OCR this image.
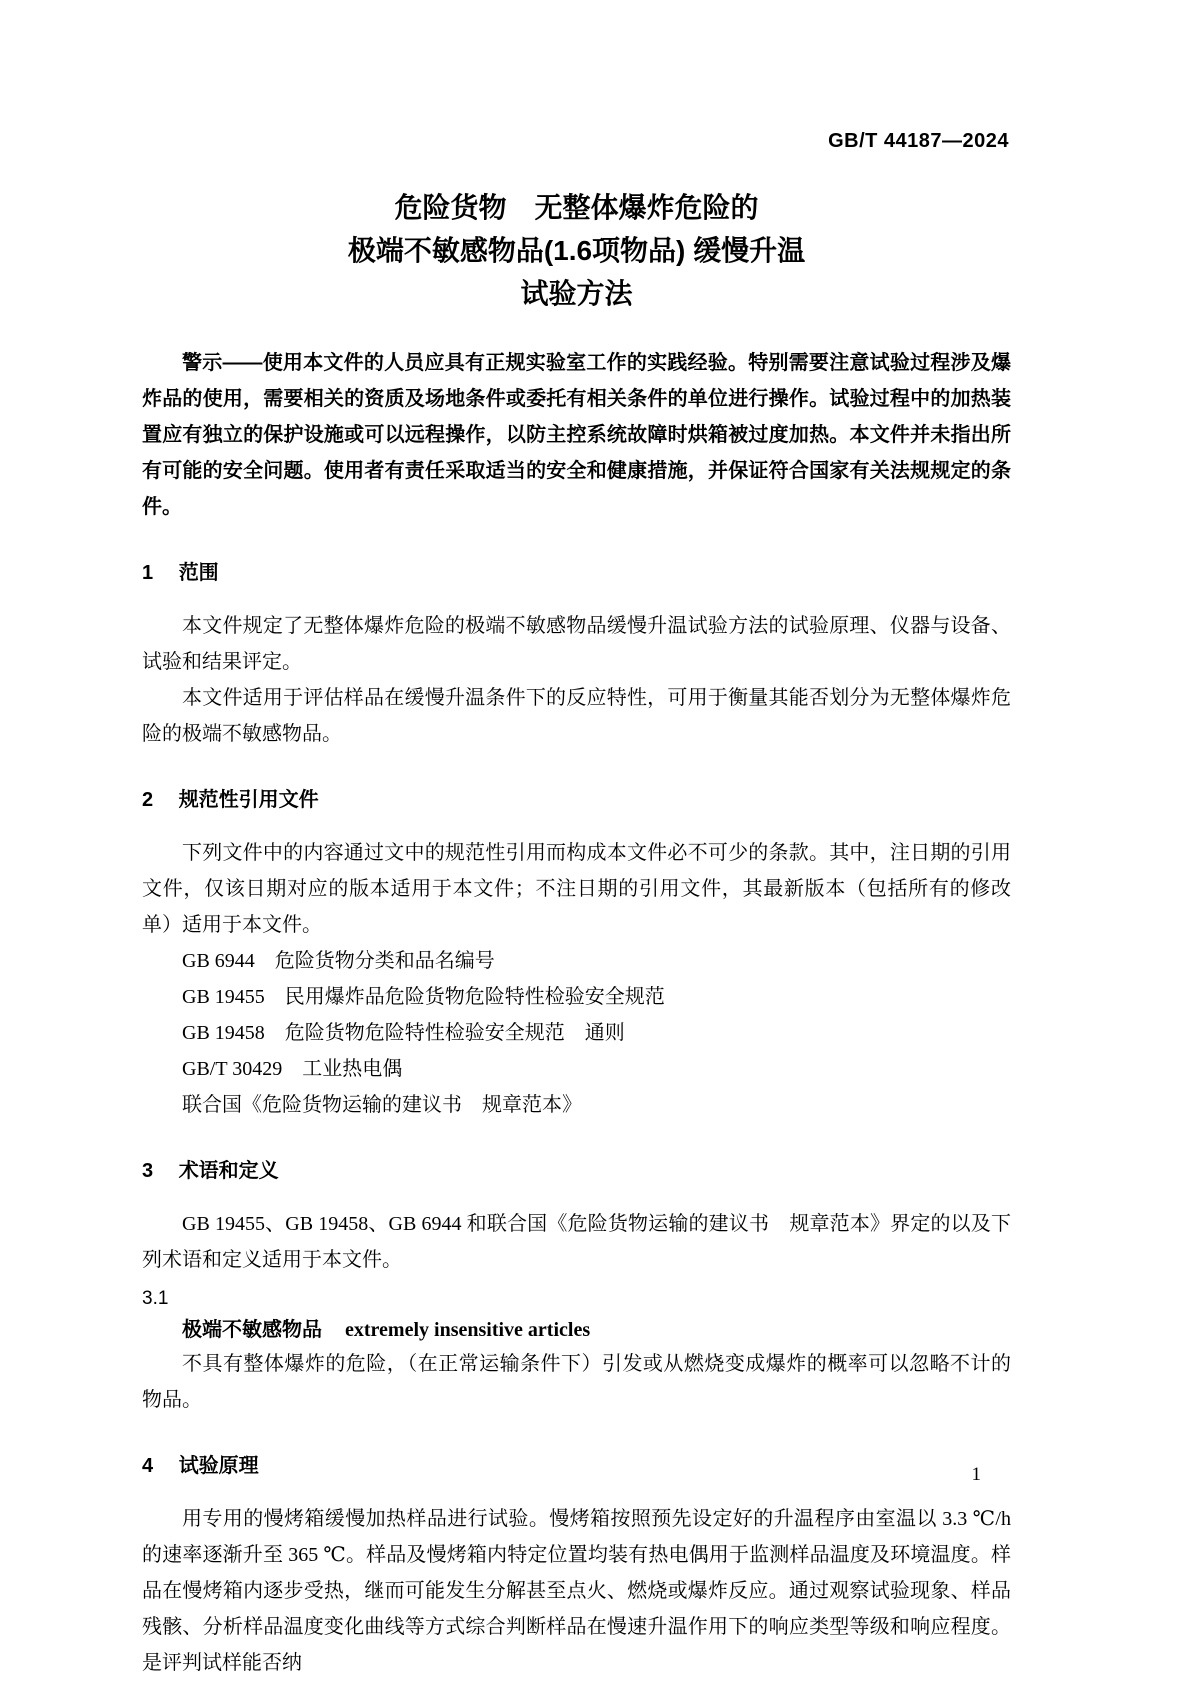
GB/T 44187—2024
危险货物　无整体爆炸危险的
极端不敏感物品(1.6项物品) 缓慢升温
试验方法

警示——使用本文件的人员应具有正规实验室工作的实践经验。特别需要注意试验过程涉及爆炸品的使用，需要相关的资质及场地条件或委托有相关条件的单位进行操作。试验过程中的加热装置应有独立的保护设施或可以远程操作，以防主控系统故障时烘箱被过度加热。本文件并未指出所有可能的安全问题。使用者有责任采取适当的安全和健康措施，并保证符合国家有关法规规定的条件。

1 范围

本文件规定了无整体爆炸危险的极端不敏感物品缓慢升温试验方法的试验原理、仪器与设备、试验和结果评定。

本文件适用于评估样品在缓慢升温条件下的反应特性，可用于衡量其能否划分为无整体爆炸危险的极端不敏感物品。

2 规范性引用文件

下列文件中的内容通过文中的规范性引用而构成本文件必不可少的条款。其中，注日期的引用文件，仅该日期对应的版本适用于本文件；不注日期的引用文件，其最新版本（包括所有的修改单）适用于本文件。

GB 6944　危险货物分类和品名编号

GB 19455　民用爆炸品危险货物危险特性检验安全规范

GB 19458　危险货物危险特性检验安全规范　通则

GB/T 30429　工业热电偶

联合国《危险货物运输的建议书　规章范本》

3 术语和定义

GB 19455、GB 19458、GB 6944 和联合国《危险货物运输的建议书　规章范本》界定的以及下列术语和定义适用于本文件。

3.1

极端不敏感物品 extremely insensitive articles

不具有整体爆炸的危险，（在正常运输条件下）引发或从燃烧变成爆炸的概率可以忽略不计的物品。

4 试验原理

用专用的慢烤箱缓慢加热样品进行试验。慢烤箱按照预先设定好的升温程序由室温以 3.3 ℃/h 的速率逐渐升至 365 ℃。样品及慢烤箱内特定位置均装有热电偶用于监测样品温度及环境温度。样品在慢烤箱内逐步受热，继而可能发生分解甚至点火、燃烧或爆炸反应。通过观察试验现象、样品残骸、分析样品温度变化曲线等方式综合判断样品在慢速升温作用下的响应类型等级和响应程度。是评判试样能否纳

1
